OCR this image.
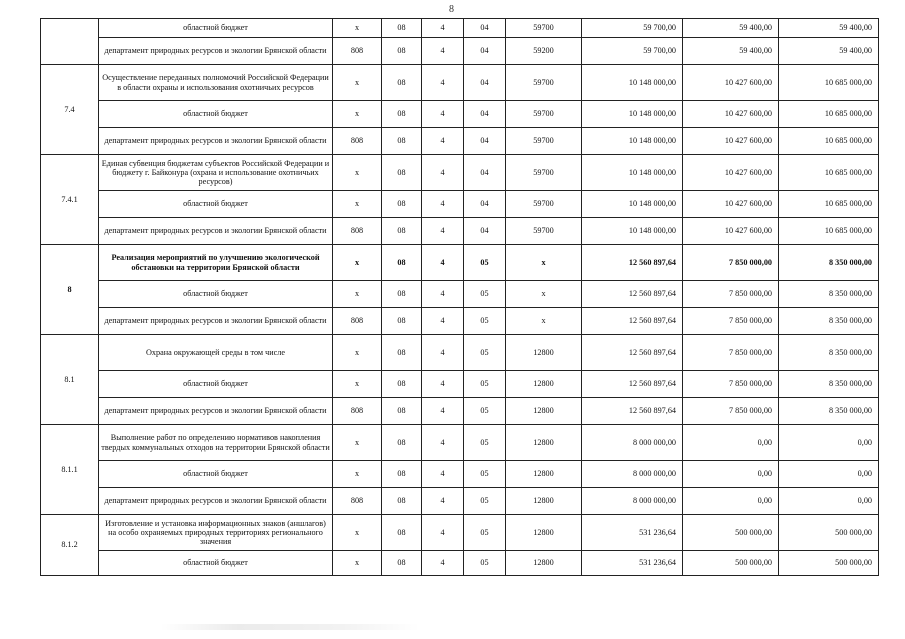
8
	областной бюджет	х	08	4	04	59700	59 700,00	59 400,00	59 400,00
	департамент природных ресурсов и экологии Брянской области	808	08	4	04	59200	59 700,00	59 400,00	59 400,00
7.4	Осуществление переданных полномочий Российской Федерации в области охраны и использования охотничьих ресурсов	х	08	4	04	59700	10 148 000,00	10 427 600,00	10 685 000,00
	областной бюджет	х	08	4	04	59700	10 148 000,00	10 427 600,00	10 685 000,00
	департамент природных ресурсов и экологии Брянской области	808	08	4	04	59700	10 148 000,00	10 427 600,00	10 685 000,00
7.4.1	Единая субвенция бюджетам субъектов Российской Федерации и бюджету г. Байконура (охрана и использование охотничьих ресурсов)	х	08	4	04	59700	10 148 000,00	10 427 600,00	10 685 000,00
	областной бюджет	х	08	4	04	59700	10 148 000,00	10 427 600,00	10 685 000,00
	департамент природных ресурсов и экологии Брянской области	808	08	4	04	59700	10 148 000,00	10 427 600,00	10 685 000,00
8	Реализация мероприятий по улучшению экологической обстановки на территории Брянской области	х	08	4	05	х	12 560 897,64	7 850 000,00	8 350 000,00
	областной бюджет	х	08	4	05	х	12 560 897,64	7 850 000,00	8 350 000,00
	департамент природных ресурсов и экологии Брянской области	808	08	4	05	х	12 560 897,64	7 850 000,00	8 350 000,00
8.1	Охрана окружающей среды в том числе	х	08	4	05	12800	12 560 897,64	7 850 000,00	8 350 000,00
	областной бюджет	х	08	4	05	12800	12 560 897,64	7 850 000,00	8 350 000,00
	департамент природных ресурсов и экологии Брянской области	808	08	4	05	12800	12 560 897,64	7 850 000,00	8 350 000,00
8.1.1	Выполнение работ по определению нормативов накопления твердых коммунальных отходов на территории Брянской области	х	08	4	05	12800	8 000 000,00	0,00	0,00
	областной бюджет	х	08	4	05	12800	8 000 000,00	0,00	0,00
	департамент природных ресурсов и экологии Брянской области	808	08	4	05	12800	8 000 000,00	0,00	0,00
8.1.2	Изготовление и установка информационных знаков (аншлагов) на особо охраняемых природных территориях регионального значения	х	08	4	05	12800	531 236,64	500 000,00	500 000,00
	областной бюджет	х	08	4	05	12800	531 236,64	500 000,00	500 000,00
